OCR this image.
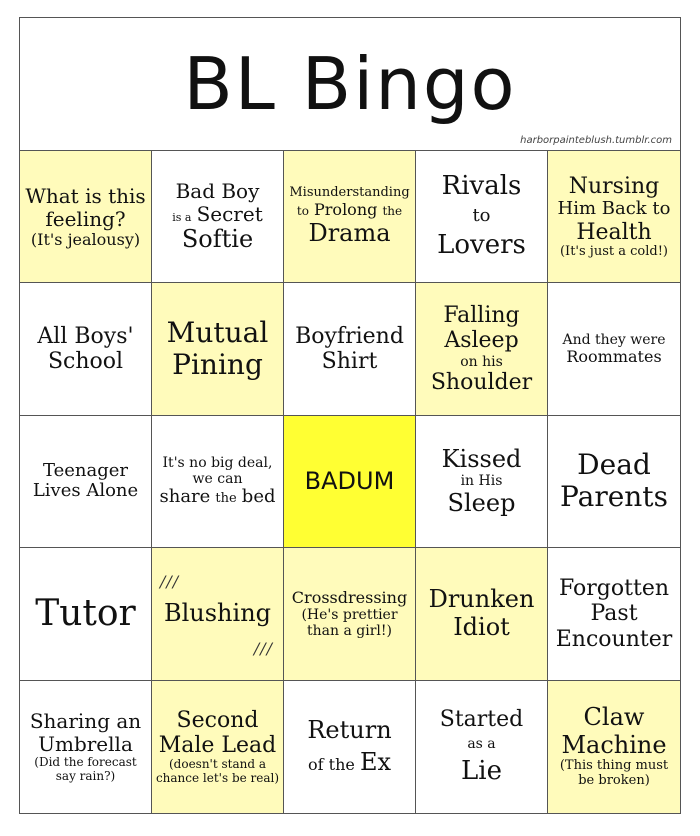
BL Bingo
harborpainteblush.tumblr.com
What is this
feeling?
(It's jealousy)
Bad Boy
is a Secret
Softie
Misunderstanding
to Prolong the
Drama
Rivals
to
Lovers
Nursing
Him Back to
Health
(It's just a cold!)
All Boys'
School
Mutual
Pining
Boyfriend
Shirt
Falling
Asleep
on his
Shoulder
And they were
Roommates
Teenager
Lives Alone
It's no big deal,
we can
share the bed
BADUM
Kissed
in His
Sleep
Dead
Parents
Tutor
///
Blushing
///
Crossdressing
(He's prettier
than a girl!)
Drunken
Idiot
Forgotten
Past
Encounter
Sharing an
Umbrella
(Did the forecast
say rain?)
Second
Male Lead
(doesn't stand a
chance let's be real)
Return
of the Ex
Started
as a
Lie
Claw
Machine
(This thing must
be broken)
